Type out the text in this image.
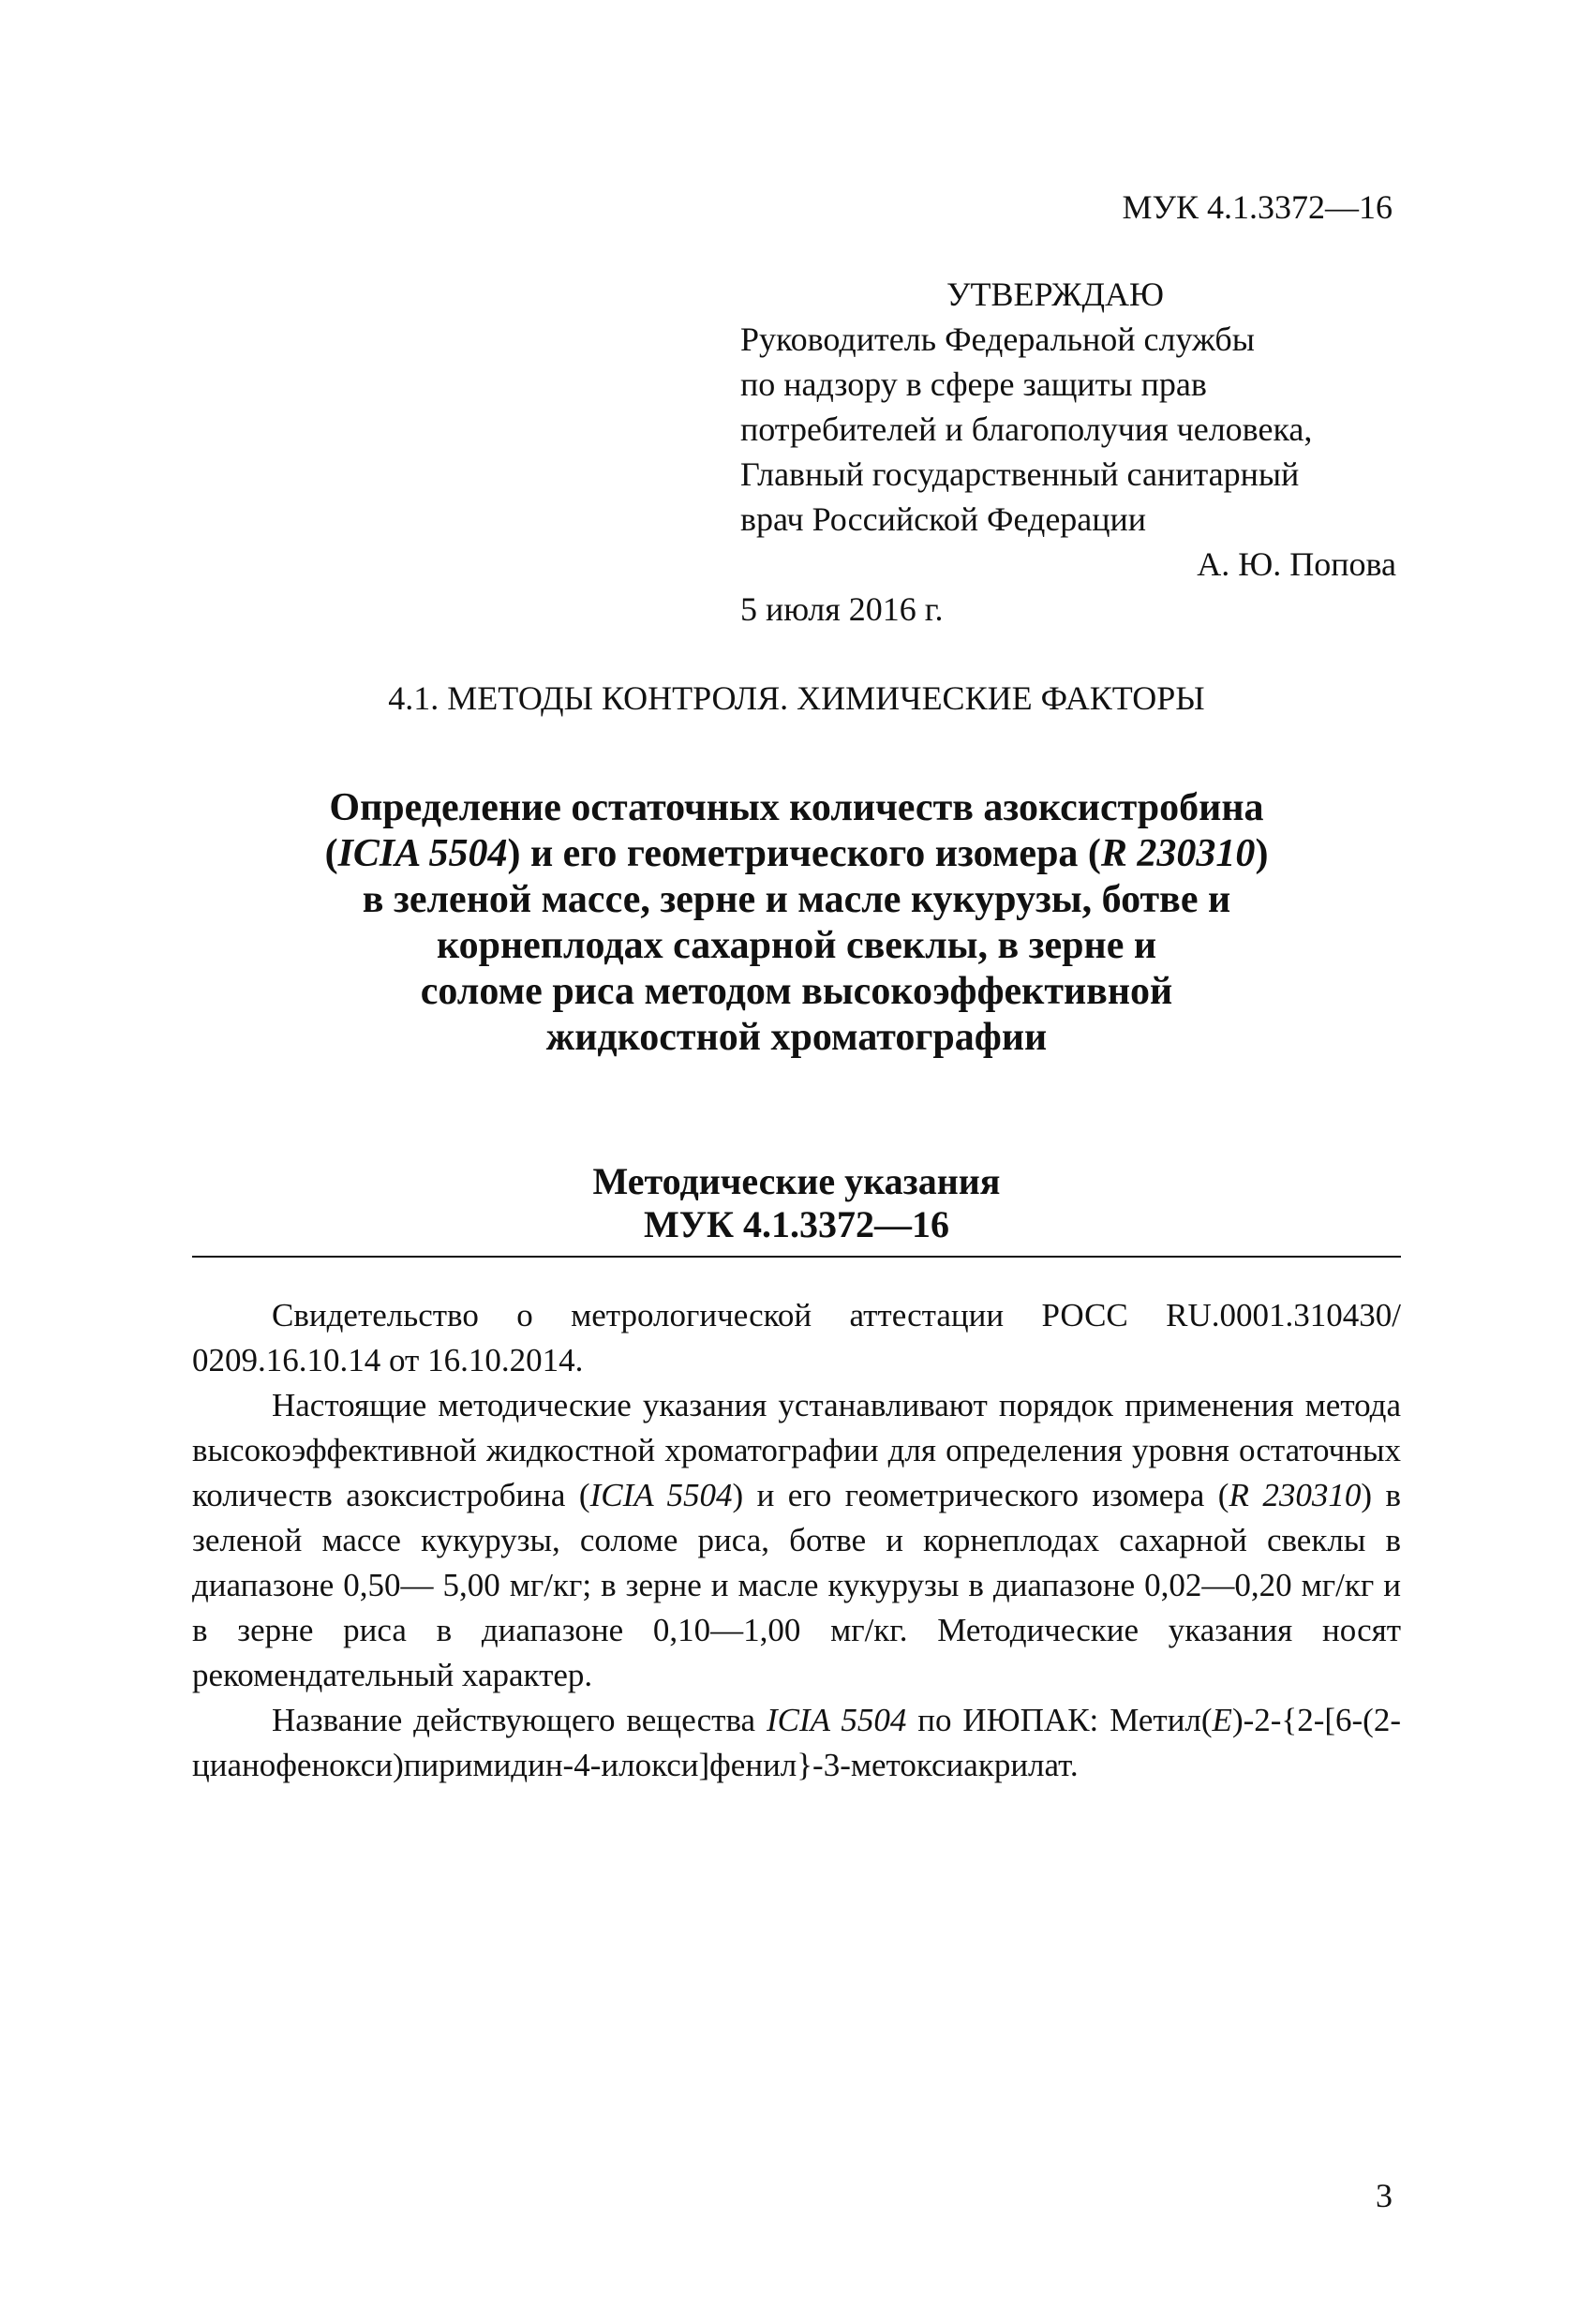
МУК 4.1.3372—16
УТВЕРЖДАЮ
Руководитель Федеральной службы
по надзору в сфере защиты прав
потребителей и благополучия человека,
Главный государственный санитарный
врач Российской Федерации
А. Ю. Попова
5 июля 2016 г.
4.1. МЕТОДЫ КОНТРОЛЯ. ХИМИЧЕСКИЕ ФАКТОРЫ
Определение остаточных количеств азоксистробина
(ICIA 5504) и его геометрического изомера (R 230310)
в зеленой массе, зерне и масле кукурузы, ботве и
корнеплодах сахарной свеклы, в зерне и
соломе риса методом высокоэффективной
жидкостной хроматографии
Методические указания
МУК 4.1.3372—16

Свидетельство о метрологической аттестации РОСС RU.0001.310430/ 0209.16.10.14 от 16.10.2014.

Настоящие методические указания устанавливают порядок применения метода высокоэффективной жидкостной хроматографии для определения уровня остаточных количеств азоксистробина (ICIA 5504) и его геометрического изомера (R 230310) в зеленой массе кукурузы, соломе риса, ботве и корнеплодах сахарной свеклы в диапазоне 0,50— 5,00 мг/кг; в зерне и масле кукурузы в диапазоне 0,02—0,20 мг/кг и в зерне риса в диапазоне 0,10—1,00 мг/кг. Методические указания носят рекомендательный характер.

Название действующего вещества ICIA 5504 по ИЮПАК: Метил(E)-2-{2-[6-(2-цианофенокси)пиримидин-4-илокси]фенил}-3-метоксиакрилат.

3
